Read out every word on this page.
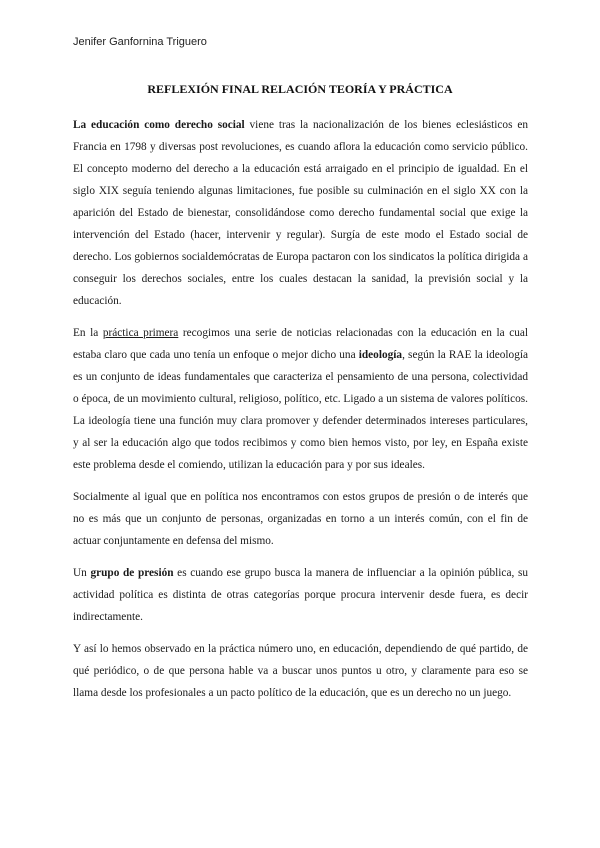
Jenifer Ganfornina Triguero
REFLEXIÓN FINAL RELACIÓN TEORÍA Y PRÁCTICA

La educación como derecho social viene tras la nacionalización de los bienes eclesiásticos en Francia en 1798 y diversas post revoluciones, es cuando aflora la educación como servicio público. El concepto moderno del derecho a la educación está arraigado en el principio de igualdad. En el siglo XIX seguía teniendo algunas limitaciones, fue posible su culminación en el siglo XX con la aparición del Estado de bienestar, consolidándose como derecho fundamental social que exige la intervención del Estado (hacer, intervenir y regular). Surgía de este modo el Estado social de derecho. Los gobiernos socialdemócratas de Europa pactaron con los sindicatos la política dirigida a conseguir los derechos sociales, entre los cuales destacan la sanidad, la previsión social y la educación.

En la práctica primera recogimos una serie de noticias relacionadas con la educación en la cual estaba claro que cada uno tenía un enfoque o mejor dicho una ideología, según la RAE la ideología es un conjunto de ideas fundamentales que caracteriza el pensamiento de una persona, colectividad o época, de un movimiento cultural, religioso, político, etc. Ligado a un sistema de valores políticos. La ideología tiene una función muy clara promover y defender determinados intereses particulares, y al ser la educación algo que todos recibimos y como bien hemos visto, por ley, en España existe este problema desde el comiendo, utilizan la educación para y por sus ideales.

Socialmente al igual que en política nos encontramos con estos grupos de presión o de interés que no es más que un conjunto de personas, organizadas en torno a un interés común, con el fin de actuar conjuntamente en defensa del mismo.

Un grupo de presión es cuando ese grupo busca la manera de influenciar a la opinión pública, su actividad política es distinta de otras categorías porque procura intervenir desde fuera, es decir indirectamente.

Y así lo hemos observado en la práctica número uno, en educación, dependiendo de qué partido, de qué periódico, o de que persona hable va a buscar unos puntos u otro, y claramente para eso se llama desde los profesionales a un pacto político de la educación, que es un derecho no un juego.
